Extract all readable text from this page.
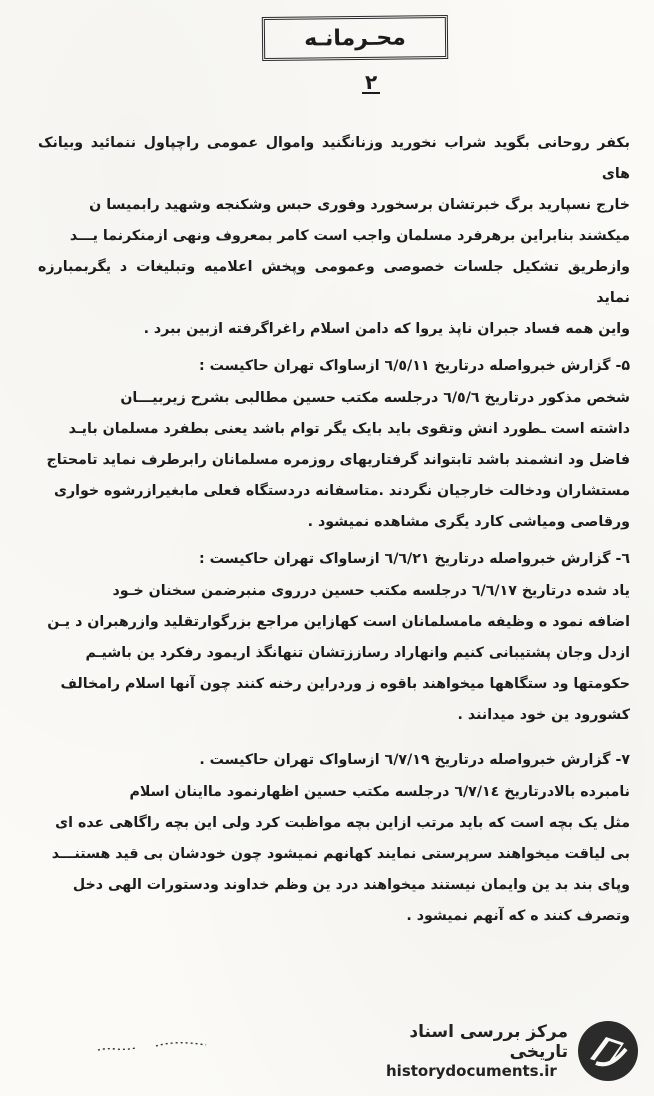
محـرمانـه
٢

بکفر روحانی بگوید شراب نخورید وزنانگنید واموال عمومی راچپاول ننمائید وبیانک های

خارج نسپارید برگ خبرتشان برسخورد وفوری حبس وشکنجه وشهید رابمیسا ن

میکشند بنابراین برهرفرد مسلمان واجب است کامر بمعروف ونهی ازمنکرنما یـــد

وازطریق تشکیل جلسات خصوصی وعمومی وپخش اعلامیه وتبلیغات د یگربمبارزه نماید

واین همه فساد جبران ناپذ یروا که دامن اسلام راغراگرفته ازبین ببرد .

۵- گزارش خبرواصله درتاریخ ٦/٥/١١ ازساواک تهران حاکیست :

شخص مذکور درتاریخ ٦/٥/٦ درجلسه مکتب حسین مطالبی بشرح زیربیـــان

داشته است ـطورد انش وتقوی باید بایک یگر توام باشد یعنی بطفرد مسلمان بایـد

فاضل ود انشمند باشد تابتواند گرفتاریهای روزمره مسلمانان رابرطرف نماید تامحتاج

مستشاران ودخالت خارجیان نگردند .متاسفانه دردستگاه فعلی مابغیرازرشوه خواری

ورقاصی ومیاشی کارد یگری مشاهده نمیشود .

٦- گزارش خبرواصله درتاریخ ٦/٦/٢١ ازساواک تهران حاکیست :

یاد شده درتاریخ ٦/٦/١٧ درجلسه مکتب حسین درروی منبرضمن سخنان خـود

اضافه نمود ه وظیفه مامسلمانان است کهازاین مراجع بزرگوارتقلید وازرهبران د یـن

ازدل وجان پشتیبانی کنیم وانهاراد رساززتشان تنهانگذ اریمود رفکرد ین باشیـم

حکومتها ود ستگاهها میخواهند باقوه ز وردراین رخنه کنند چون آنها اسلام رامخالف

کشورود ین خود میدانند .

٧- گزارش خبرواصله درتاریخ ٦/٧/١٩ ازساواک تهران حاکیست .

نامبرده بالادرتاریخ ٦/٧/١٤ درجلسه مکتب حسین اظهارنمود مااینان اسلام

مثل یک بچه است که باید مرتب ازاین بچه مواظبت کرد ولی این بچه راگاهی عده ای

بی لیاقت میخواهند سرپرستی نمایند کهانهم نمیشود چون خودشان بی قید هستنـــد

وپای بند بد ین وایمان نیستند میخواهند درد ین وظم خداوند ودستورات الهی دخل

وتصرف کنند ه که آنهم نمیشود .

مرکز بررسی اسناد تاریخی
historydocuments.ir
